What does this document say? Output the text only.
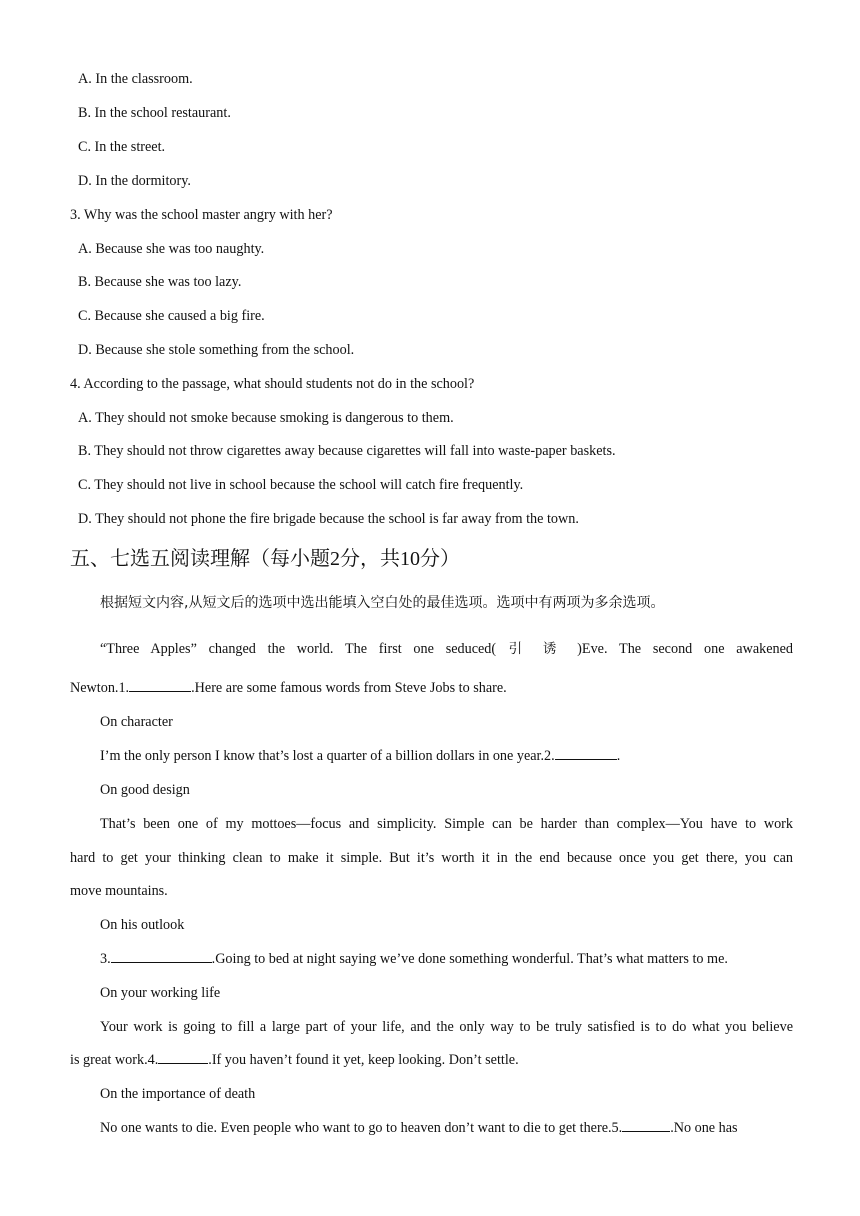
A. In the classroom.
B. In the school restaurant.
C. In the street.
D. In the dormitory.
3. Why was the school master angry with her?
A. Because she was too naughty.
B. Because she was too lazy.
C. Because she caused a big fire.
D. Because she stole something from the school.
4. According to the passage, what should students not do in the school?
A. They should not smoke because smoking is dangerous to them.
B. They should not throw cigarettes away because cigarettes will fall into waste-paper baskets.
C. They should not live in school because the school will catch fire frequently.
D. They should not phone the fire brigade because the school is far away from the town.
五、七选五阅读理解（每小题2分，共10分）
根据短文内容,从短文后的选项中选出能填入空白处的最佳选项。选项中有两项为多余选项。
“Three Apples” changed the world. The first one seduced( 引 诱 )Eve. The second one awakened
Newton.1.	.Here are some famous words from Steve Jobs to share.
On character
I’m the only person I know that’s lost a quarter of a billion dollars in one year.2.	.
On good design
That’s been one of my mottoes—focus and simplicity. Simple can be harder than complex—You have to work
hard to get your thinking clean to make it simple. But it’s worth it in the end because once you get there, you can
move mountains.
On his outlook
3.	.Going to bed at night saying we’ve done something wonderful. That’s what matters to me.
On your working life
Your work is going to fill a large part of your life, and the only way to be truly satisfied is to do what you believe
is great work.4.	.If you haven’t found it yet, keep looking. Don’t settle.
On the importance of death
No one wants to die. Even people who want to go to heaven don’t want to die to get there.5.	.No one has
